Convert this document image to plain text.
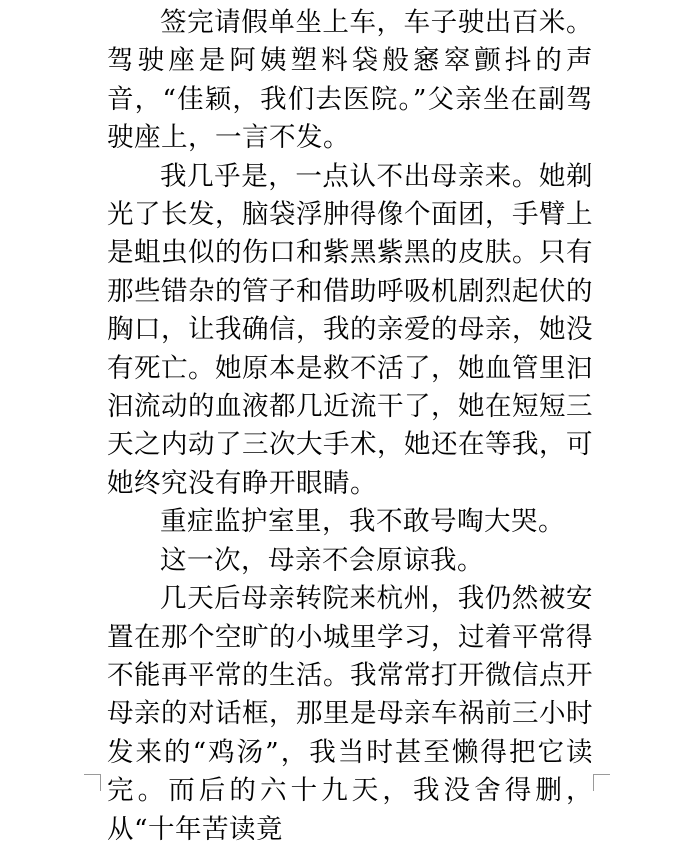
签完请假单坐上车，车子驶出百米。驾驶座是阿姨塑料袋般窸窣颤抖的声音，“佳颖，我们去医院。”父亲坐在副驾驶座上，一言不发。

我几乎是，一点认不出母亲来。她剃光了长发，脑袋浮肿得像个面团，手臂上是蛆虫似的伤口和紫黑紫黑的皮肤。只有那些错杂的管子和借助呼吸机剧烈起伏的胸口，让我确信，我的亲爱的母亲，她没有死亡。她原本是救不活了，她血管里汩汩流动的血液都几近流干了，她在短短三天之内动了三次大手术，她还在等我，可她终究没有睁开眼睛。

重症监护室里，我不敢号啕大哭。

这一次，母亲不会原谅我。

几天后母亲转院来杭州，我仍然被安置在那个空旷的小城里学习，过着平常得不能再平常的生活。我常常打开微信点开母亲的对话框，那里是母亲车祸前三小时发来的“鸡汤”，我当时甚至懒得把它读完。而后的六十九天，我没舍得删，从“十年苦读竟
